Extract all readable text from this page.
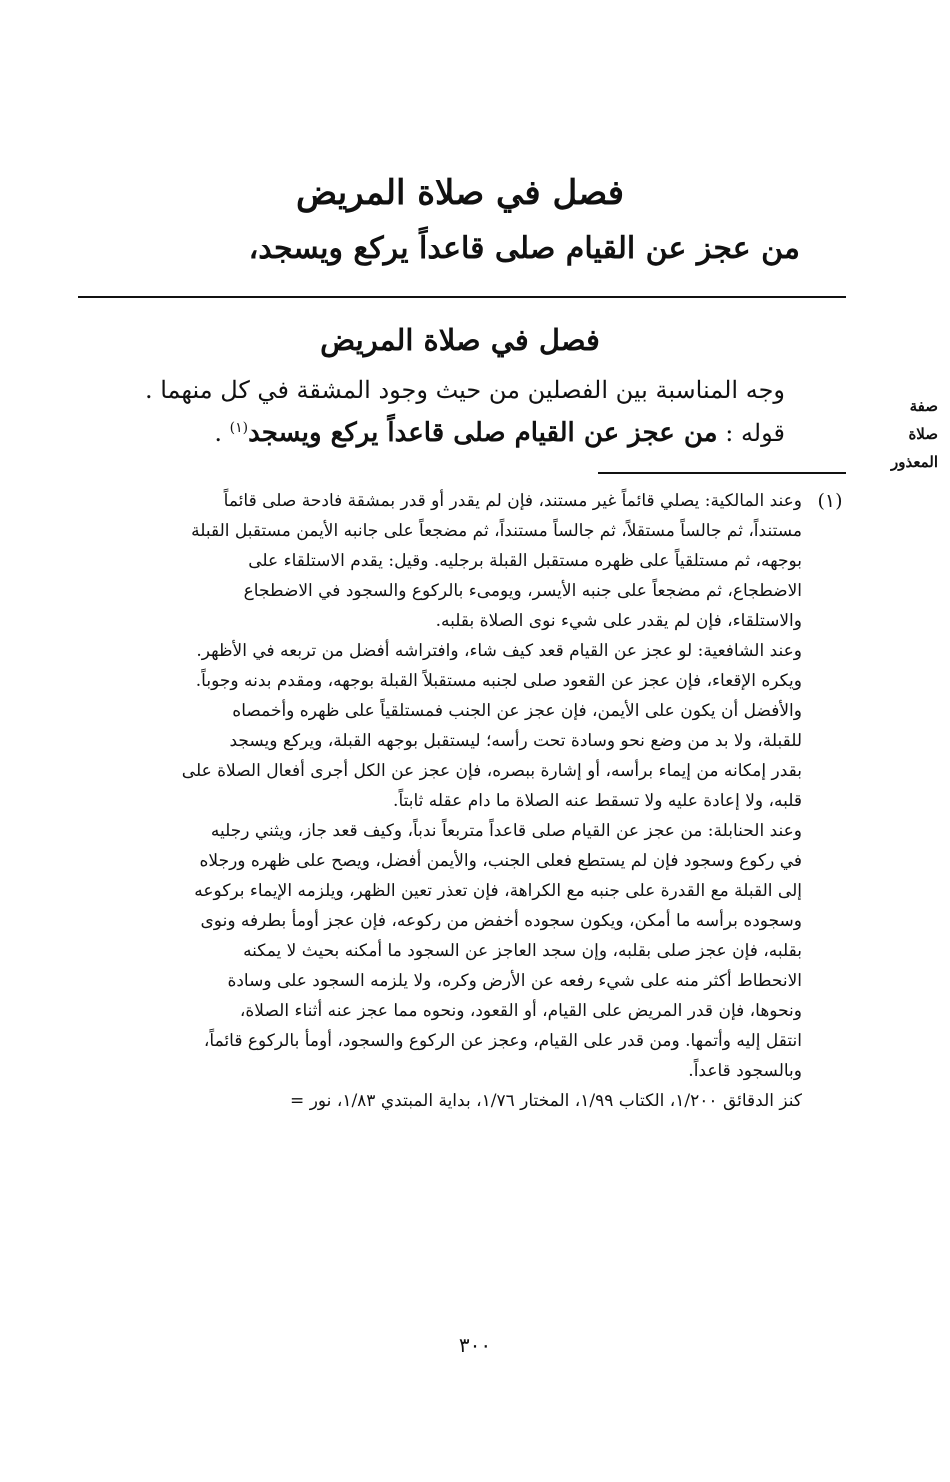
فصل في صلاة المريض
من عجز عن القيام صلى قاعداً يركع ويسجد،
فصل في صلاة المريض
وجه المناسبة بين الفصلين من حيث وجود المشقة في كل منهما .
قوله : من عجز عن القيام صلى قاعداً يركع ويسجد$^{(١)}$ .
صفة
صلاة
المعذور
(١)
وعند المالكية: يصلي قائماً غير مستند، فإن لم يقدر أو قدر بمشقة فادحة صلى قائماً
مستنداً، ثم جالساً مستقلاً، ثم جالساً مستنداً، ثم مضجعاً على جانبه الأيمن مستقبل القبلة
بوجهه، ثم مستلقياً على ظهره مستقبل القبلة برجليه. وقيل: يقدم الاستلقاء على
الاضطجاع، ثم مضجعاً على جنبه الأيسر، ويومىء بالركوع والسجود في الاضطجاع
والاستلقاء، فإن لم يقدر على شيء نوى الصلاة بقلبه.
وعند الشافعية: لو عجز عن القيام قعد كيف شاء، وافتراشه أفضل من تربعه في الأظهر.
ويكره الإقعاء، فإن عجز عن القعود صلى لجنبه مستقبلاً القبلة بوجهه، ومقدم بدنه وجوباً.
والأفضل أن يكون على الأيمن، فإن عجز عن الجنب فمستلقياً على ظهره وأخمصاه
للقبلة، ولا بد من وضع نحو وسادة تحت رأسه؛ ليستقبل بوجهه القبلة، ويركع ويسجد
بقدر إمكانه من إيماء برأسه، أو إشارة ببصره، فإن عجز عن الكل أجرى أفعال الصلاة على
قلبه، ولا إعادة عليه ولا تسقط عنه الصلاة ما دام عقله ثابتاً.
وعند الحنابلة: من عجز عن القيام صلى قاعداً متربعاً ندباً، وكيف قعد جاز، ويثني رجليه
في ركوع وسجود فإن لم يستطع فعلى الجنب، والأيمن أفضل، ويصح على ظهره ورجلاه
إلى القبلة مع القدرة على جنبه مع الكراهة، فإن تعذر تعين الظهر، ويلزمه الإيماء بركوعه
وسجوده برأسه ما أمكن، ويكون سجوده أخفض من ركوعه، فإن عجز أومأ بطرفه ونوى
بقلبه، فإن عجز صلى بقلبه، وإن سجد العاجز عن السجود ما أمكنه بحيث لا يمكنه
الانحطاط أكثر منه على شيء رفعه عن الأرض وكره، ولا يلزمه السجود على وسادة
ونحوها، فإن قدر المريض على القيام، أو القعود، ونحوه مما عجز عنه أثناء الصلاة،
انتقل إليه وأتمها. ومن قدر على القيام، وعجز عن الركوع والسجود، أومأ بالركوع قائماً،
وبالسجود قاعداً.
كنز الدقائق ١/٢٠٠، الكتاب ١/٩٩، المختار ١/٧٦، بداية المبتدي ١/٨٣، نور =
٣٠٠
